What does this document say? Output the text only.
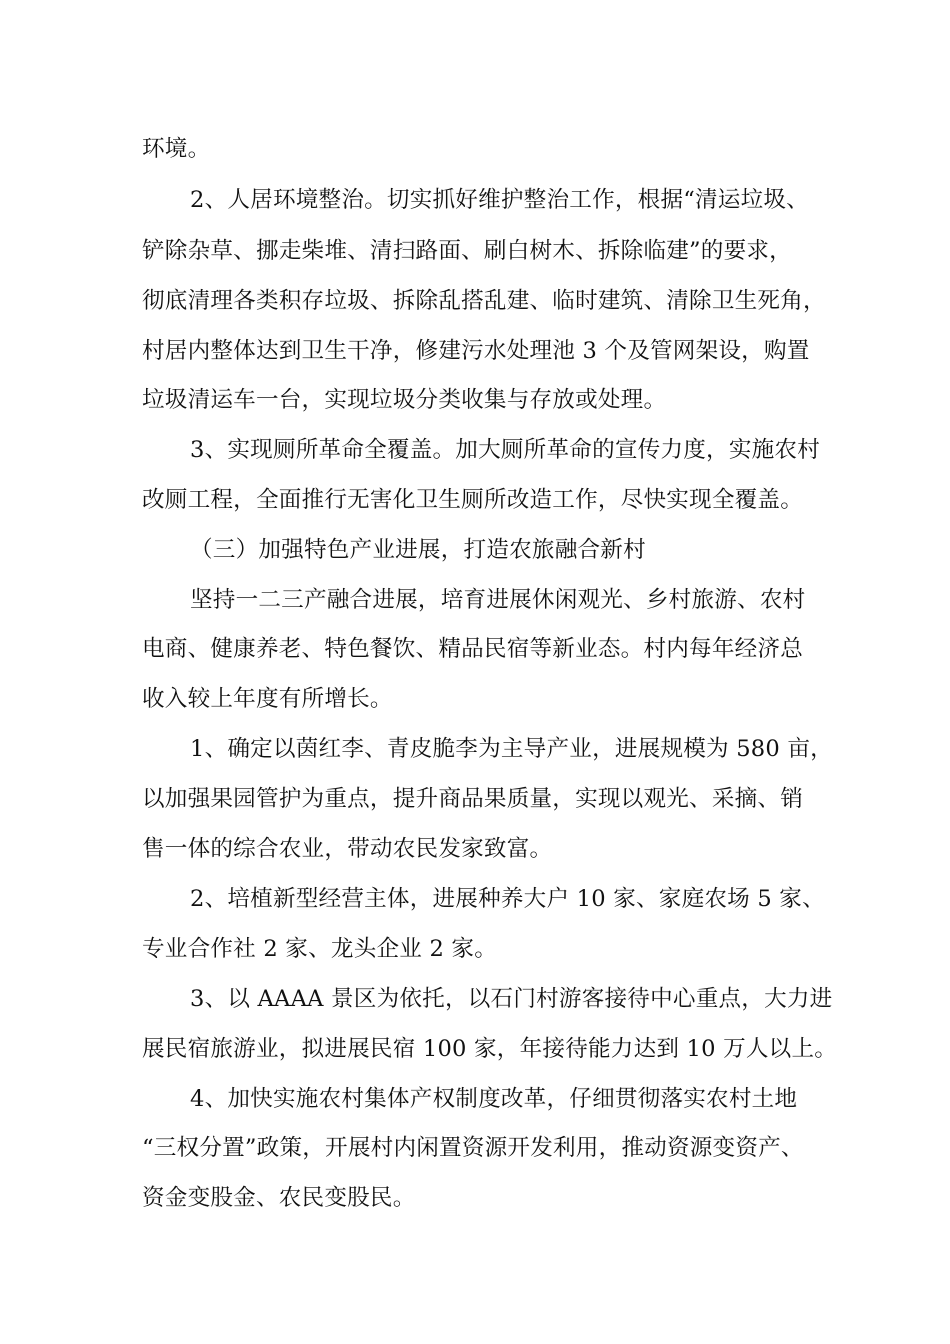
环境。
2、人居环境整治。切实抓好维护整治工作，根据“清运垃圾、
铲除杂草、挪走柴堆、清扫路面、刷白树木、拆除临建”的要求，
彻底清理各类积存垃圾、拆除乱搭乱建、临时建筑、清除卫生死角，
村居内整体达到卫生干净，修建污水处理池 3 个及管网架设，购置
垃圾清运车一台，实现垃圾分类收集与存放或处理。
3、实现厕所革命全覆盖。加大厕所革命的宣传力度，实施农村
改厕工程，全面推行无害化卫生厕所改造工作，尽快实现全覆盖。
（三）加强特色产业进展，打造农旅融合新村
坚持一二三产融合进展，培育进展休闲观光、乡村旅游、农村
电商、健康养老、特色餐饮、精品民宿等新业态。村内每年经济总
收入较上年度有所增长。
1、确定以茵红李、青皮脆李为主导产业，进展规模为 580 亩，
以加强果园管护为重点，提升商品果质量，实现以观光、采摘、销
售一体的综合农业，带动农民发家致富。
2、培植新型经营主体，进展种养大户 10 家、家庭农场 5 家、
专业合作社 2 家、龙头企业 2 家。
3、以 AAAA 景区为依托，以石门村游客接待中心重点，大力进
展民宿旅游业，拟进展民宿 100 家，年接待能力达到 10 万人以上。
4、加快实施农村集体产权制度改革，仔细贯彻落实农村土地
“三权分置”政策，开展村内闲置资源开发利用，推动资源变资产、
资金变股金、农民变股民。
